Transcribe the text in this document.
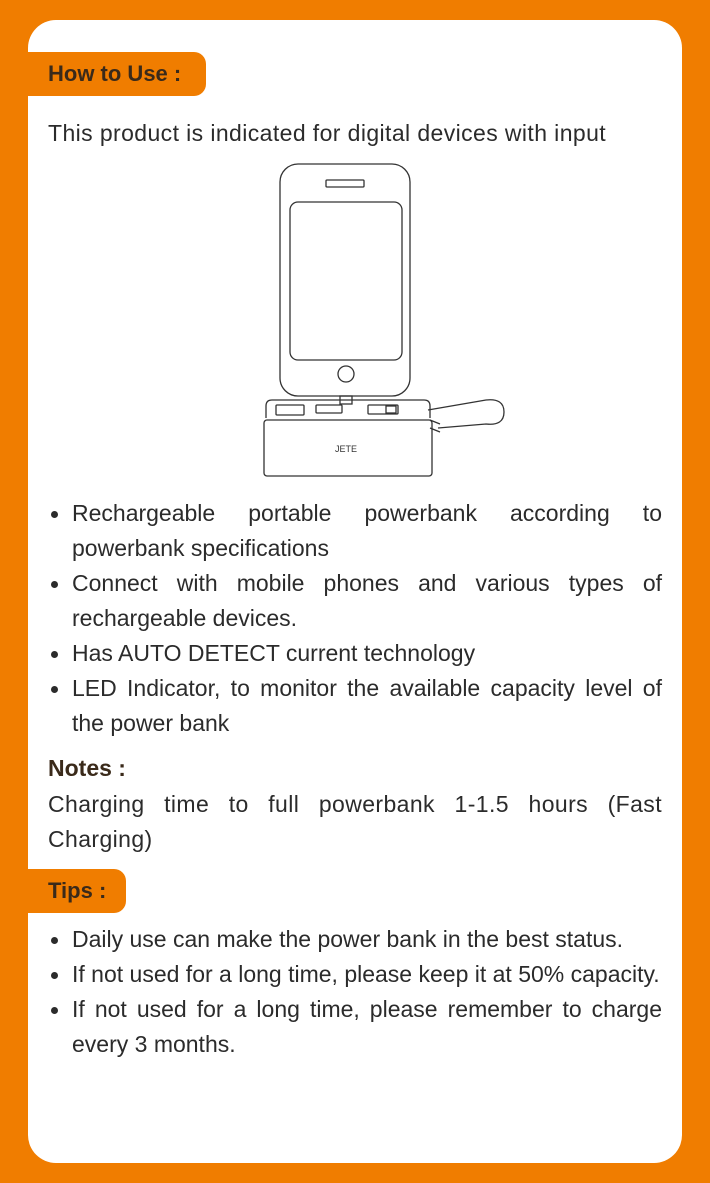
How to Use :
This product is indicated for digital devices with input
JETE
Rechargeable portable powerbank according to powerbank specifications
Connect with mobile phones and various types of rechargeable devices.
Has AUTO DETECT current technology
LED Indicator, to monitor the available capacity level of the power bank
Notes :
Charging time to full powerbank 1-1.5 hours (Fast Charging)
Tips :
Daily use can make the power bank in the best status.
If not used for a long time, please keep it at 50% capacity.
If not used for a long time, please remember to charge every 3 months.
